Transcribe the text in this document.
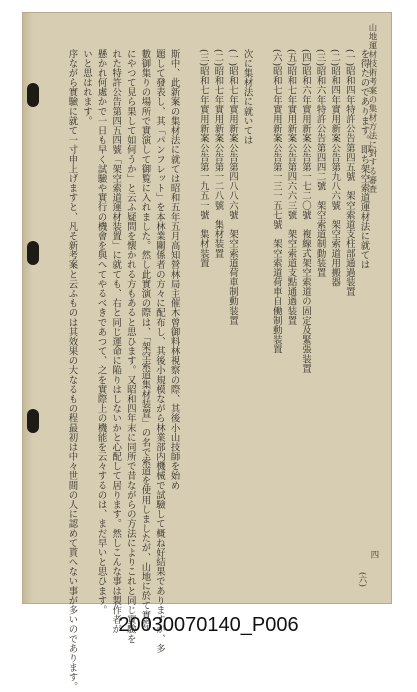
山地運材技術考案の集材方法に對する審査
を得たのであります。即ち架空索道運材法に就ては
(一)昭和四年特許公告第四五號　架空索道支柱部通過装置
(二)昭和四年實用新案公告第九八六號　架空索道用搬器
(三)昭和六年特許公告第四四二號　架空索道制動装置
(四)昭和六年實用新案公告第一七二〇號　複線式架空索道の固定及緊張装置
(五)昭和七年實用新案公告第四六六三號　架空索道支點通過装置
(六)昭和七年實用新案公告第一三一五七號　架空索道荷車自働制動装置
次に集材法に就いては
(一)昭和七年實用新案公告第四八八六號　架空索道荷車制動装置
(二)昭和七年實用新案公告第一二八號　集材装置
(三)昭和七年實用新案公告第一九五一號　集材装置
斯中、此新案の集材法に就ては昭和五年五月高知營林局主催木曾御料林視察の際、其後小山技師を始め
題して發表し、其「パンフレット」を本林業關係者の方々に配布し、其後小規模ながら林業部内機械で試驗して概ね好結果でありますが、多
數御集りの場所で實演して御覧に入れました。然し此實演の際は、「架空索道集材装置」の名で索道を使用しましたが、山地に於て實際
にやつて見ら果して如何うか」と云ふ疑問を懐かれる方もあると思ひます。又昭和四年末に同所で昔ながらの方法によりこれと同じ實驗を
れた特許公告第四五四號「架空索道運材装置」に就ても、右と同じ運命に陥りはしないかと心配して居ります。然しこんな事は製作者が
懸かれ何處かで一日も早く試驗や實行の機會を與へてやるべきであつて、之を實際上の機能を云々するのは、まだ早いと思ひます。
いと思はれます。
序ながら實驗に就て一寸申上げますと、凡そ新考案と云ふものは其效果の大なるもの程最初は中々世間の人に認めて貰へない事が多いのであります。	四
(六)
20030070140_P006
